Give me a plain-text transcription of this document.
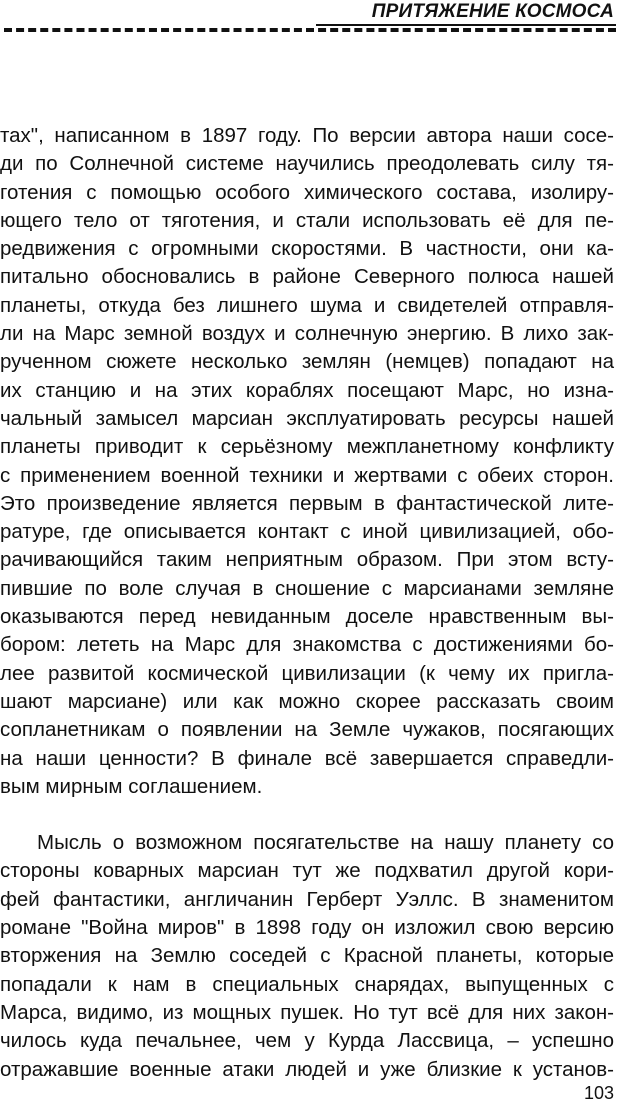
ПРИТЯЖЕНИЕ КОСМОСА
тах", написанном в 1897 году. По версии автора наши сосе-
ди по Солнечной системе научились преодолевать силу тя-
готения с помощью особого химического состава, изолиру-
ющего тело от тяготения, и стали использовать её для пе-
редвижения с огромными скоростями. В частности, они ка-
питально обосновались в районе Северного полюса нашей
планеты, откуда без лишнего шума и свидетелей отправля-
ли на Марс земной воздух и солнечную энергию. В лихо зак-
рученном сюжете несколько землян (немцев) попадают на
их станцию и на этих кораблях посещают Марс, но изна-
чальный замысел марсиан эксплуатировать ресурсы нашей
планеты приводит к серьёзному межпланетному конфликту
с применением военной техники и жертвами с обеих сторон.
Это произведение является первым в фантастической лите-
ратуре, где описывается контакт с иной цивилизацией, обо-
рачивающийся таким неприятным образом. При этом всту-
пившие по воле случая в сношение с марсианами земляне
оказываются перед невиданным доселе нравственным вы-
бором: лететь на Марс для знакомства с достижениями бо-
лее развитой космической цивилизации (к чему их пригла-
шают марсиане) или как можно скорее рассказать своим
сопланетникам о появлении на Земле чужаков, посягающих
на наши ценности? В финале всё завершается справедли-
вым мирным соглашением.
Мысль о возможном посягательстве на нашу планету со
стороны коварных марсиан тут же подхватил другой кори-
фей фантастики, англичанин Герберт Уэллс. В знаменитом
романе "Война миров" в 1898 году он изложил свою версию
вторжения на Землю соседей с Красной планеты, которые
попадали к нам в специальных снарядах, выпущенных с
Марса, видимо, из мощных пушек. Но тут всё для них закон-
чилось куда печальнее, чем у Курда Лассвица, – успешно
отражавшие военные атаки людей и уже близкие к установ-
103
